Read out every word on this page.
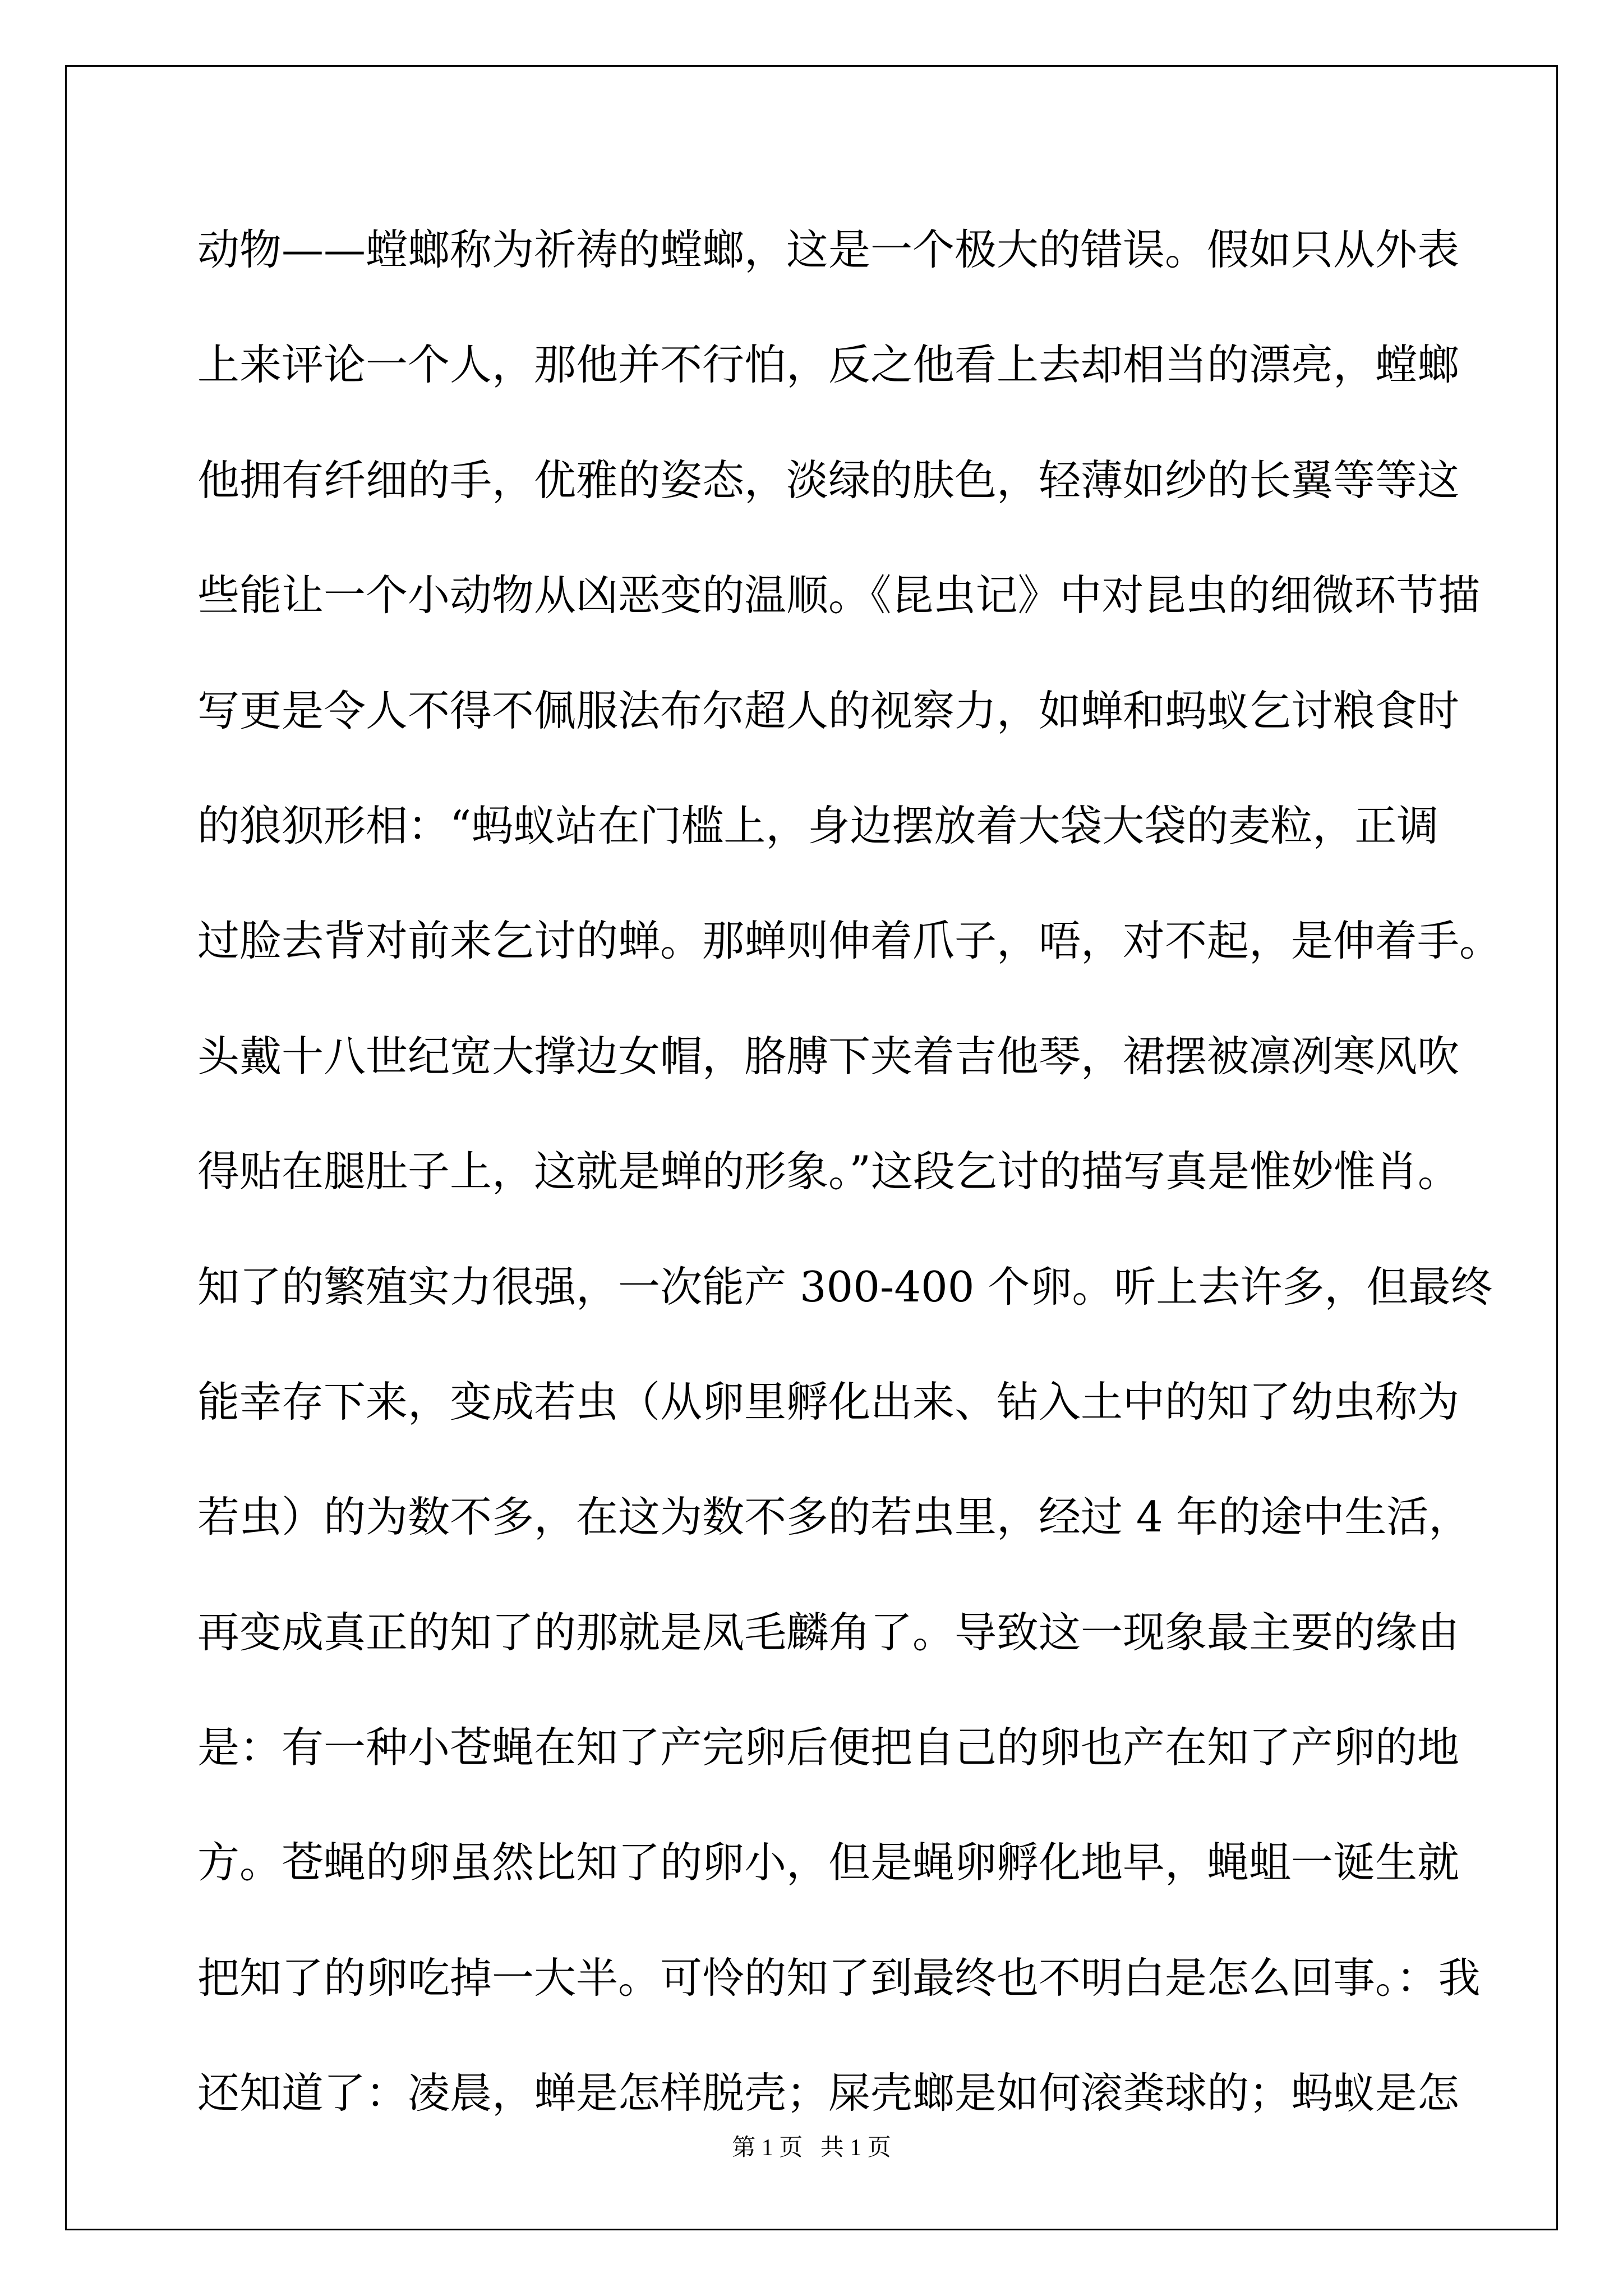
动物——螳螂称为祈祷的螳螂，这是一个极大的错误。假如只从外表
上来评论一个人，那他并不行怕，反之他看上去却相当的漂亮，螳螂
他拥有纤细的手，优雅的姿态，淡绿的肤色，轻薄如纱的长翼等等这
些能让一个小动物从凶恶变的温顺。《昆虫记》中对昆虫的细微环节描
写更是令人不得不佩服法布尔超人的视察力，如蝉和蚂蚁乞讨粮食时
的狼狈形相：“蚂蚁站在门槛上，身边摆放着大袋大袋的麦粒，正调
过脸去背对前来乞讨的蝉。那蝉则伸着爪子，唔，对不起，是伸着手。
头戴十八世纪宽大撑边女帽，胳膊下夹着吉他琴，裙摆被凛冽寒风吹
得贴在腿肚子上，这就是蝉的形象。”这段乞讨的描写真是惟妙惟肖。
知了的繁殖实力很强，一次能产 300-400 个卵。听上去许多，但最终
能幸存下来，变成若虫（从卵里孵化出来、钻入土中的知了幼虫称为
若虫）的为数不多，在这为数不多的若虫里，经过 4 年的途中生活，
再变成真正的知了的那就是凤毛麟角了。导致这一现象最主要的缘由
是：有一种小苍蝇在知了产完卵后便把自己的卵也产在知了产卵的地
方。苍蝇的卵虽然比知了的卵小，但是蝇卵孵化地早，蝇蛆一诞生就
把知了的卵吃掉一大半。可怜的知了到最终也不明白是怎么回事。：我
还知道了：凌晨，蝉是怎样脱壳；屎壳螂是如何滚粪球的；蚂蚁是怎
第 1 页   共 1 页
